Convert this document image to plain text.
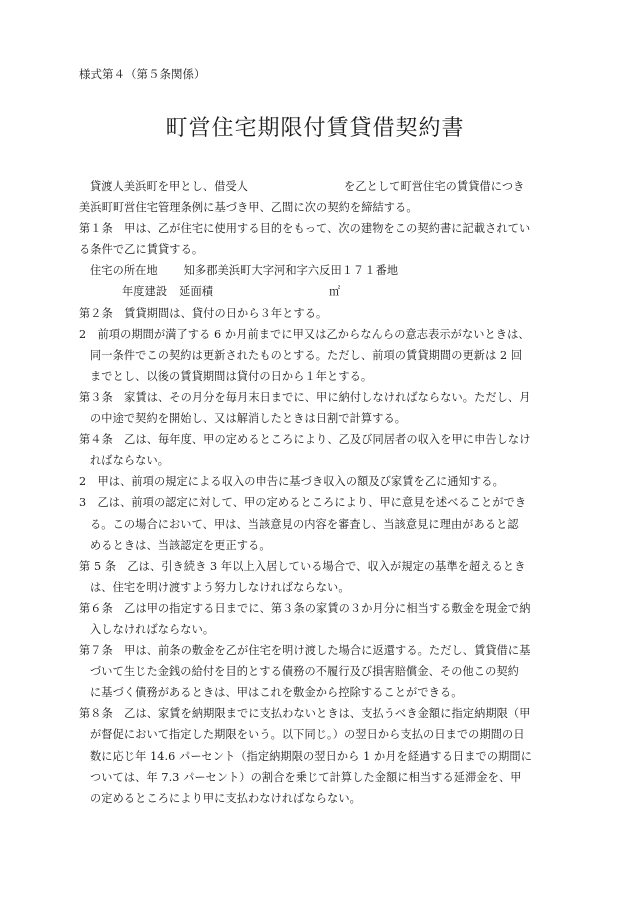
様式第４（第５条関係）
町営住宅期限付賃貸借契約書

貸渡人美浜町を甲とし、借受人	を乙として町営住宅の賃貸借につき

美浜町町営住宅管理条例に基づき甲、乙間に次の契約を締結する。

第１条　甲は、乙が住宅に使用する目的をもって、次の建物をこの契約書に記載されてい

る条件で乙に賃貸する。

住宅の所在地 知多郡美浜町大字河和字六反田１７１番地

年度建設 延面積	㎡

第２条　賃貸期間は、貸付の日から３年とする。

2　前項の期間が満了する 6 か月前までに甲又は乙からなんらの意志表示がないときは、

同一条件でこの契約は更新されたものとする。ただし、前項の賃貸期間の更新は 2 回

までとし、以後の賃貸期間は貸付の日から１年とする。

第３条　家賃は、その月分を毎月末日までに、甲に納付しなければならない。ただし、月

の中途で契約を開始し、又は解消したときは日割で計算する。

第４条　乙は、毎年度、甲の定めるところにより、乙及び同居者の収入を甲に申告しなけ

ればならない。

2　甲は、前項の規定による収入の申告に基づき収入の額及び家賃を乙に通知する。

3　乙は、前項の認定に対して、甲の定めるところにより、甲に意見を述べることができ

る。この場合において、甲は、当該意見の内容を審査し、当該意見に理由があると認

めるときは、当該認定を更正する。

第 5 条　乙は、引き続き 3 年以上入居している場合で、収入が規定の基準を超えるとき

は、住宅を明け渡すよう努力しなければならない。

第６条　乙は甲の指定する日までに、第３条の家賃の３か月分に相当する敷金を現金で納

入しなければならない。

第７条　甲は、前条の敷金を乙が住宅を明け渡した場合に返還する。ただし、賃貸借に基

づいて生じた金銭の給付を目的とする債務の不履行及び損害賠償金、その他この契約

に基づく債務があるときは、甲はこれを敷金から控除することができる。

第８条　乙は、家賃を納期限までに支払わないときは、支払うべき金額に指定納期限（甲

が督促において指定した期限をいう。以下同じ。）の翌日から支払の日までの期間の日

数に応じ年 14.6 パーセント（指定納期限の翌日から 1 か月を経過する日までの期間に

ついては、年 7.3 パーセント）の割合を乗じて計算した金額に相当する延滞金を、甲

の定めるところにより甲に支払わなければならない。
